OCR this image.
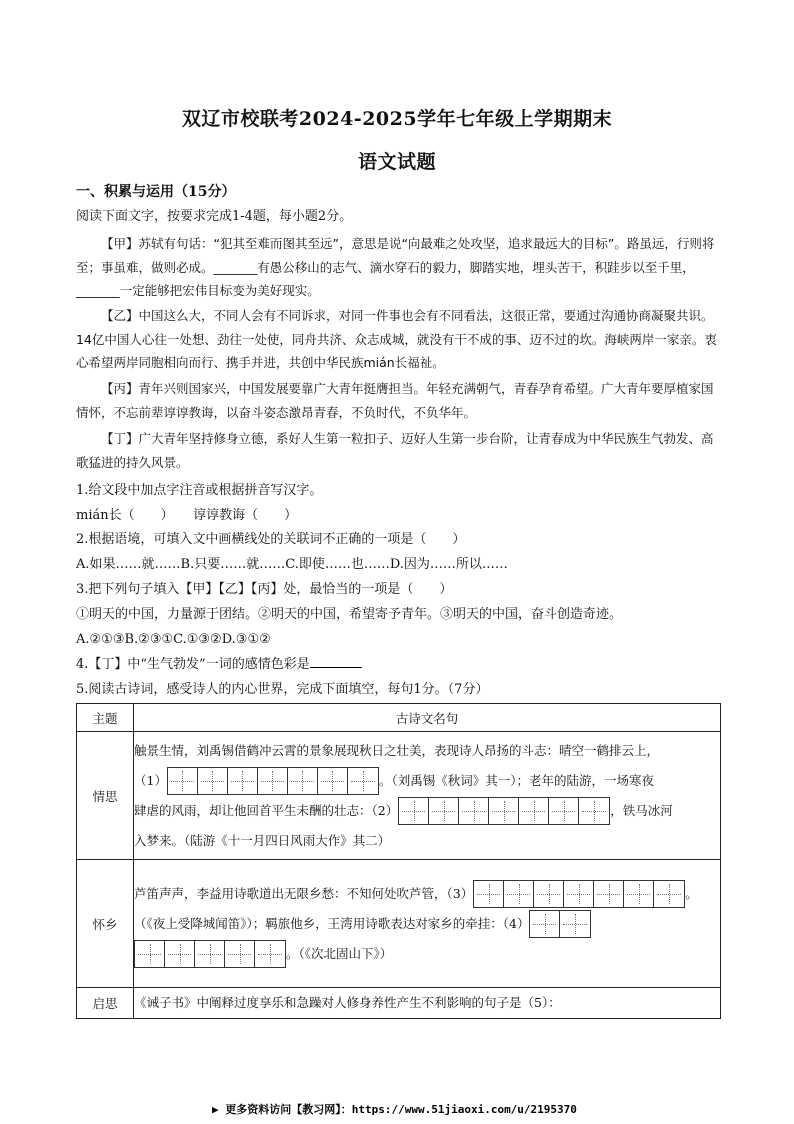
双辽市校联考2024-2025学年七年级上学期期末
语文试题
一、积累与运用（15分）
阅读下面文字，按要求完成1-4题，每小题2分。
【甲】苏轼有句话：“犯其至难而图其至远”，意思是说“向最难之处攻坚，追求最远大的目标”。路虽远，行则将至；事虽难，做则必成。_______有愚公移山的志气、滴水穿石的毅力，脚踏实地，埋头苦干，积跬步以至千里，_______一定能够把宏伟目标变为美好现实。
【乙】中国这么大，不同人会有不同诉求，对同一件事也会有不同看法，这很正常，要通过沟通协商凝聚共识。14亿中国人心往一处想、劲往一处使，同舟共济、众志成城，就没有干不成的事、迈不过的坎。海峡两岸一家亲。衷心希望两岸同胞相向而行、携手并进，共创中华民族mián长福祉。
【丙】青年兴则国家兴，中国发展要靠广大青年挺膺担当。年轻充满朝气，青春孕育希望。广大青年要厚植家国情怀，不忘前辈谆谆教诲，以奋斗姿态激昂青春，不负时代，不负华年。
【丁】广大青年坚持修身立德，系好人生第一粒扣子、迈好人生第一步台阶，让青春成为中华民族生气勃发、高歌猛进的持久风景。
1.给文段中加点字注音或根据拼音写汉字。
mián长（　　）　　谆谆教诲（　　）
2.根据语境，可填入文中画横线处的关联词不正确的一项是（　　）
A.如果……就……B.只要……就……C.即使……也……D.因为……所以……
3.把下列句子填入【甲】【乙】【丙】处，最恰当的一项是（　　）
①明天的中国，力量源于团结。②明天的中国，希望寄予青年。③明天的中国，奋斗创造奇迹。
A.②①③B.②③①C.①③②D.③①②
4.【丁】中“生气勃发”一词的感情色彩是
5.阅读古诗词，感受诗人的内心世界，完成下面填空，每句1分。（7分）
主题	古诗文名句
情思	触景生情，刘禹锡借鹤冲云霄的景象展现秋日之壮美，表现诗人昂扬的斗志：晴空一鹤排云上，
（1） 。（刘禹锡《秋词》其一）；老年的陆游，一场寒夜
肆虐的风雨，却让他回首平生未酬的壮志：（2） ，铁马冰河
入梦来。（陆游《十一月四日风雨大作》其二）
怀乡	芦笛声声，李益用诗歌道出无限乡愁：不知何处吹芦管，（3） 。
（《夜上受降城闻笛》）；羁旅他乡，王湾用诗歌表达对家乡的牵挂：（4）
。（《次北固山下》）
启思	《诫子书》中阐释过度享乐和急躁对人修身养性产生不利影响的句子是（5）：
▶ 更多资料访问【教习网】：https://www.51jiaoxi.com/u/2195370
